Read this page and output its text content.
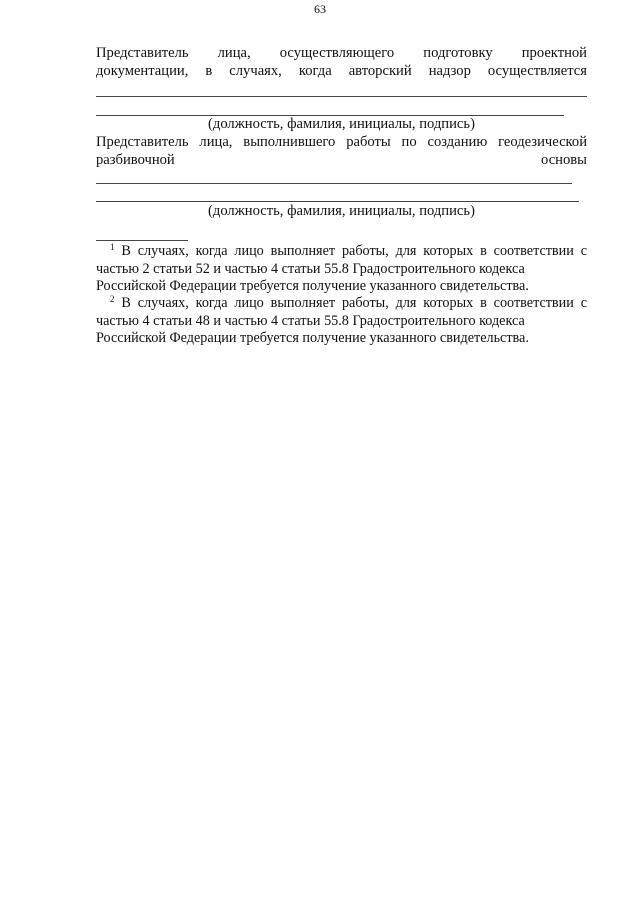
63
Представитель лица, осуществляющего подготовку проектной
документации, в случаях, когда авторский надзор осуществляется
(должность, фамилия, инициалы, подпись)
Представитель лица, выполнившего работы по созданию геодезической
разбивочной основы
(должность, фамилия, инициалы, подпись)
$^1$ В случаях, когда лицо выполняет работы, для которых в соответствии с частью 2 статьи 52 и частью 4 статьи 55.8 Градостроительного кодекса
Российской Федерации требуется получение указанного свидетельства.
$^2$ В случаях, когда лицо выполняет работы, для которых в соответствии с частью 4 статьи 48 и частью 4 статьи 55.8 Градостроительного кодекса
Российской Федерации требуется получение указанного свидетельства.
